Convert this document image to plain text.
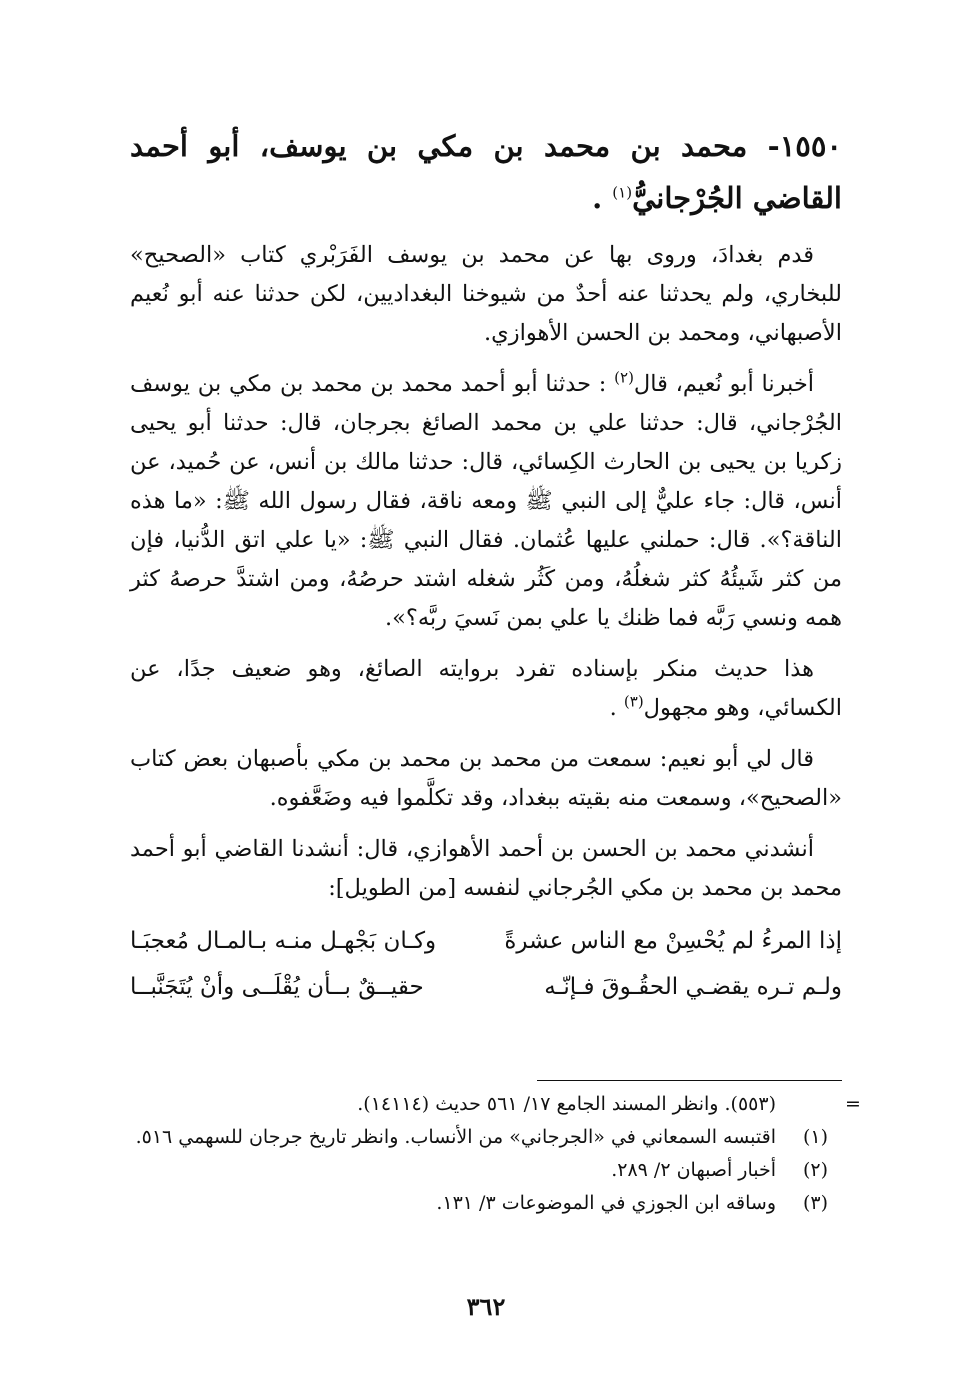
١٥٥٠- محمد بن محمد بن مكي بن يوسف، أبو أحمد القاضي الجُرْجانيُّ$^{(١)}$ .

قدم بغدادَ، وروى بها عن محمد بن يوسف الفَرَبْري كتاب «الصحيح» للبخاري، ولم يحدثنا عنه أحدٌ من شيوخنا البغداديين، لكن حدثنا عنه أبو نُعيم الأصبهاني، ومحمد بن الحسن الأهوازي.

أخبرنا أبو نُعيم، قال$^{(٢)}$ : حدثنا أبو أحمد محمد بن محمد بن مكي بن يوسف الجُرْجاني، قال: حدثنا علي بن محمد الصائغ بجرجان، قال: حدثنا أبو يحيى زكريا بن يحيى بن الحارث الكِسائي، قال: حدثنا مالك بن أنس، عن حُميد، عن أنس، قال: جاء عليٌّ إلى النبي ﷺ ومعه ناقة، فقال رسول الله ﷺ: «ما هذه الناقة؟». قال: حملني عليها عُثمان. فقال النبي ﷺ: «يا علي اتق الدُّنيا، فإن من كثر شَيئُهُ كثر شغلُهُ، ومن كَثُر شغله اشتد حرصُهُ، ومن اشتدَّ حرصهُ كثر همه ونسي رَبَّه فما ظنك يا علي بمن نَسيَ ربَّه؟».

هذا حديث منكر بإسناده تفرد بروايته الصائغ، وهو ضعيف جدًا، عن الكسائي، وهو مجهول$^{(٣)}$ .

قال لي أبو نعيم: سمعت من محمد بن محمد بن مكي بأصبهان بعض كتاب «الصحيح»، وسمعت منه بقيته ببغداد، وقد تكلَّموا فيه وضَعَّفوه.

أنشدني محمد بن الحسن بن أحمد الأهوازي، قال: أنشدنا القاضي أبو أحمد محمد بن محمد بن مكي الجُرجاني لنفسه [من الطويل]:

إذا المرءُ لم يُحْسِنْ مع الناس عشرةً
وكـان بَجْهـل منـه بـالمـال مُعجبَـا
ولـم تـره يقضـي الحقُـوقَ فـإنّـه
حقيــقٌ بــأن يُقْلَــى وأنْ يُتَجَنَّبــا
=
(٥٥٣). وانظر المسند الجامع ١٧/ ٥٦١ حديث (١٤١١٤).
(١)
اقتبسه السمعاني في «الجرجاني» من الأنساب. وانظر تاريخ جرجان للسهمي ٥١٦.
(٢)
أخبار أصبهان ٢/ ٢٨٩.
(٣)
وساقه ابن الجوزي في الموضوعات ٣/ ١٣١.
٣٦٢
